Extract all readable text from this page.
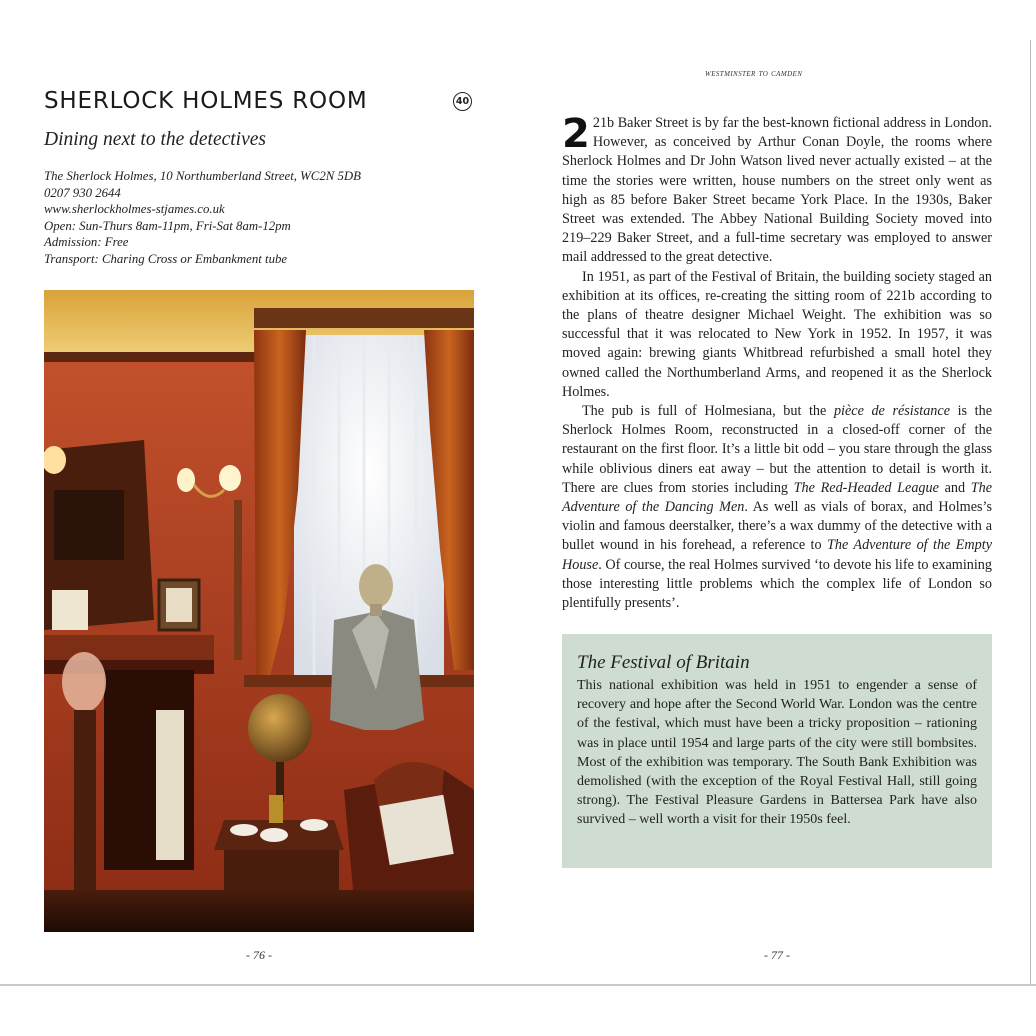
SHERLOCK HOLMES ROOM	40
Dining next to the detectives
The Sherlock Holmes, 10 Northumberland Street, WC2N 5DB
0207 930 2644
www.sherlockholmes-stjames.co.uk
Open: Sun-Thurs 8am-11pm, Fri-Sat 8am-12pm
Admission: Free
Transport: Charing Cross or Embankment tube
- 76 -
westminster to camden

2 21b Baker Street is by far the best-known fictional address in London. However, as conceived by Arthur Conan Doyle, the rooms where Sherlock Holmes and Dr John Watson lived never actually existed – at the time the stories were written, house numbers on the street only went as high as 85 before Baker Street became York Place. In the 1930s, Baker Street was extended. The Abbey National Building Society moved into 219–229 Baker Street, and a full-time secretary was employed to answer mail addressed to the great detective.

In 1951, as part of the Festival of Britain, the building society staged an exhibition at its offices, re-creating the sitting room of 221b according to the plans of theatre designer Michael Weight. The exhibition was so successful that it was relocated to New York in 1952. In 1957, it was moved again: brewing giants Whitbread refurbished a small hotel they owned called the Northumberland Arms, and reopened it as the Sherlock Holmes.

The pub is full of Holmesiana, but the pièce de résistance is the Sherlock Holmes Room, reconstructed in a closed-off corner of the restaurant on the first floor. It’s a little bit odd – you stare through the glass while oblivious diners eat away – but the attention to detail is worth it. There are clues from stories including The Red-Headed League and The Adventure of the Dancing Men. As well as vials of borax, and Holmes’s violin and famous deerstalker, there’s a wax dummy of the detective with a bullet wound in his forehead, a reference to The Adventure of the Empty House. Of course, the real Holmes survived ‘to devote his life to examining those interesting little problems which the complex life of London so plentifully presents’.

The Festival of Britain

This national exhibition was held in 1951 to engender a sense of recovery and hope after the Second World War. London was the centre of the festival, which must have been a tricky proposition – rationing was in place until 1954 and large parts of the city were still bombsites. Most of the exhibition was temporary. The South Bank Exhibition was demolished (with the exception of the Royal Festival Hall, still going strong). The Festival Pleasure Gardens in Battersea Park have also survived – well worth a visit for their 1950s feel.

- 77 -
